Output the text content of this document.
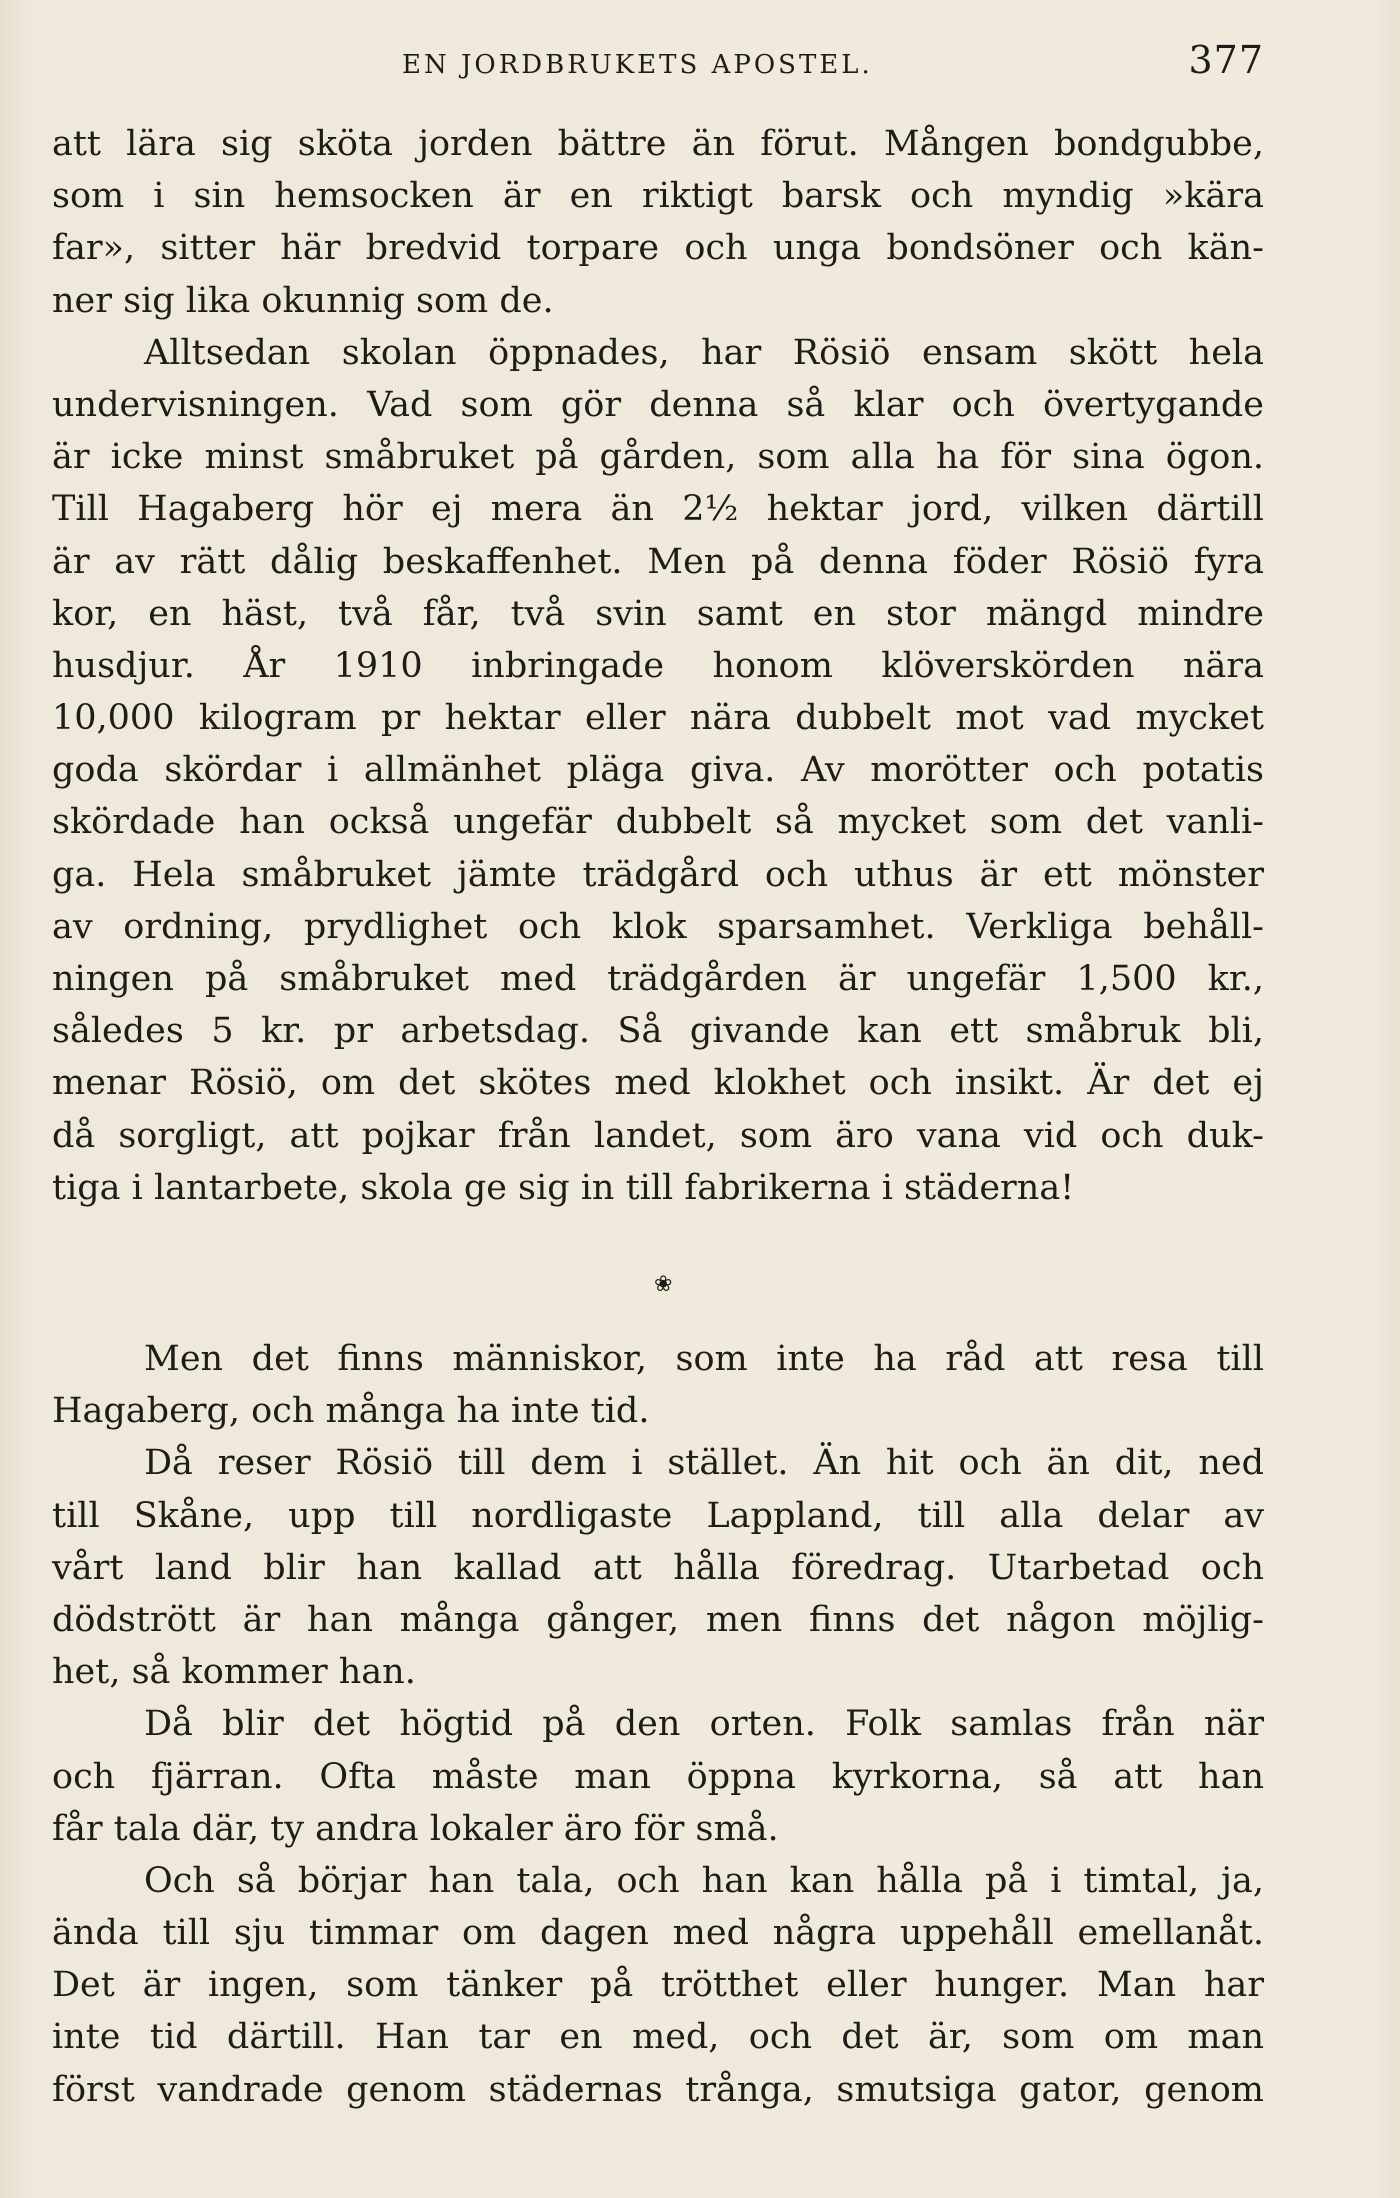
EN JORDBRUKETS APOSTEL.	377
att lära sig sköta jorden bättre än förut. Mången bondgubbe,
som i sin hemsocken är en riktigt barsk och myndig »kära
far», sitter här bredvid torpare och unga bondsöner och kän-
ner sig lika okunnig som de.
Alltsedan skolan öppnades, har Rösiö ensam skött hela
undervisningen. Vad som gör denna så klar och övertygande
är icke minst småbruket på gården, som alla ha för sina ögon.
Till Hagaberg hör ej mera än 2½ hektar jord, vilken därtill
är av rätt dålig beskaffenhet. Men på denna föder Rösiö fyra
kor, en häst, två får, två svin samt en stor mängd mindre
husdjur. År 1910 inbringade honom klöverskörden nära
10,000 kilogram pr hektar eller nära dubbelt mot vad mycket
goda skördar i allmänhet pläga giva. Av morötter och potatis
skördade han också ungefär dubbelt så mycket som det vanli-
ga. Hela småbruket jämte trädgård och uthus är ett mönster
av ordning, prydlighet och klok sparsamhet. Verkliga behåll-
ningen på småbruket med trädgården är ungefär 1,500 kr.,
således 5 kr. pr arbetsdag. Så givande kan ett småbruk bli,
menar Rösiö, om det skötes med klokhet och insikt. Är det ej
då sorgligt, att pojkar från landet, som äro vana vid och duk-
tiga i lantarbete, skola ge sig in till fabrikerna i städerna!
❀
Men det finns människor, som inte ha råd att resa till
Hagaberg, och många ha inte tid.
Då reser Rösiö till dem i stället. Än hit och än dit, ned
till Skåne, upp till nordligaste Lappland, till alla delar av
vårt land blir han kallad att hålla föredrag. Utarbetad och
dödstrött är han många gånger, men finns det någon möjlig-
het, så kommer han.
Då blir det högtid på den orten. Folk samlas från när
och fjärran. Ofta måste man öppna kyrkorna, så att han
får tala där, ty andra lokaler äro för små.
Och så börjar han tala, och han kan hålla på i timtal, ja,
ända till sju timmar om dagen med några uppehåll emellanåt.
Det är ingen, som tänker på trötthet eller hunger. Man har
inte tid därtill. Han tar en med, och det är, som om man
först vandrade genom städernas trånga, smutsiga gator, genom
